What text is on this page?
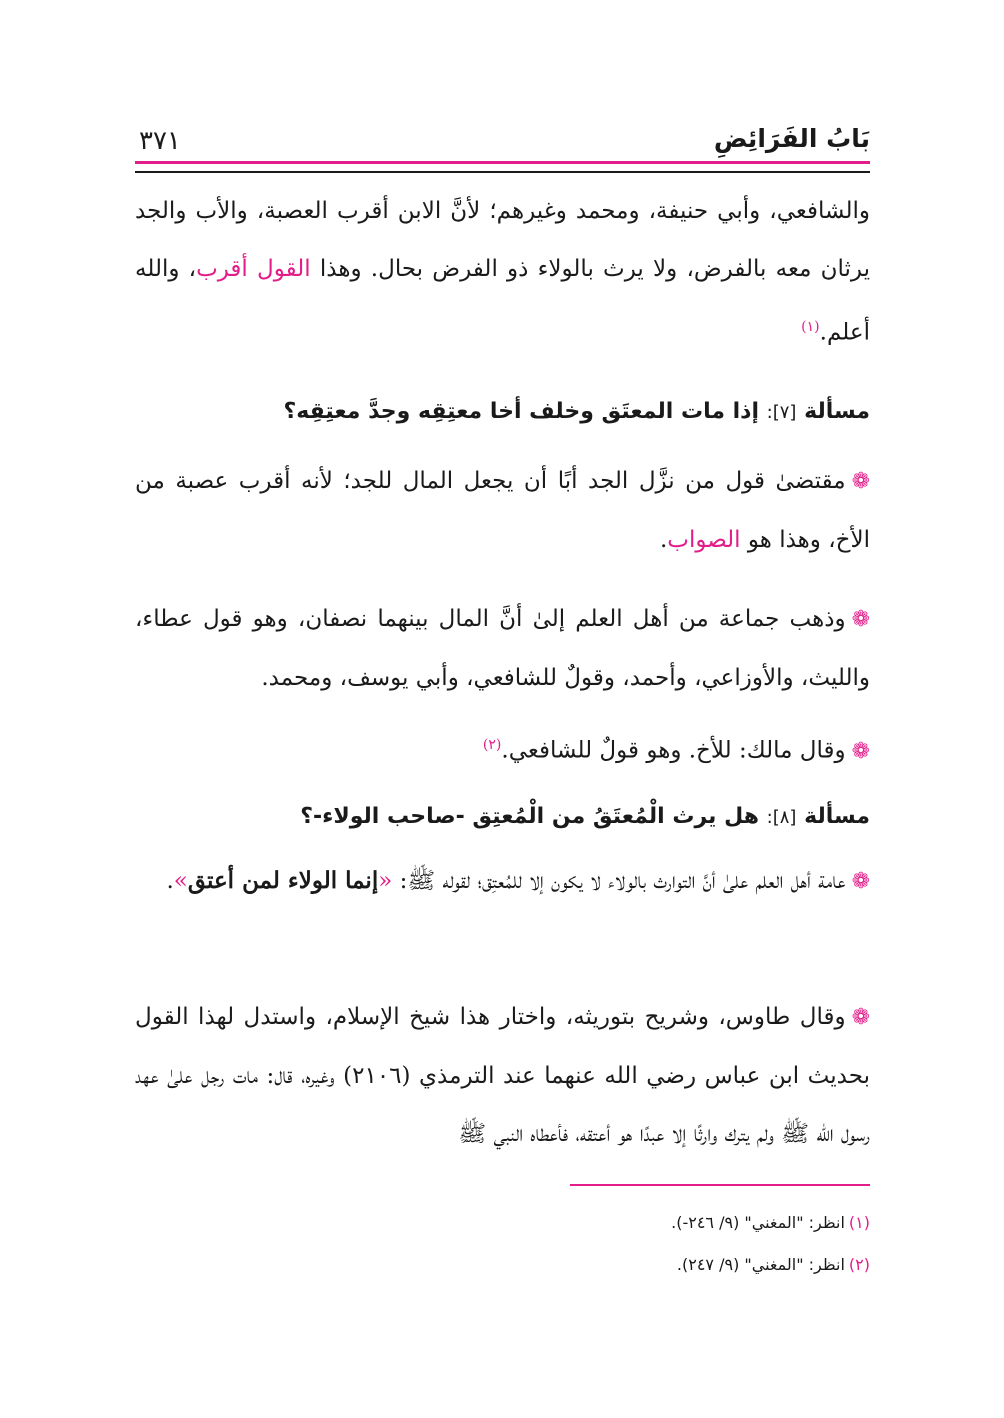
بَابُ الفَرَائِضِ
٣٧١
والشافعي، وأبي حنيفة، ومحمد وغيرهم؛ لأنَّ الابن أقرب العصبة، والأب والجد يرثان معه بالفرض، ولا يرث بالولاء ذو الفرض بحال. وهذا القول أقرب، والله أعلم.$^{(١)}$
مسألة [٧]: إذا مات المعتَق وخلف أخا معتِقِه وجدَّ معتِقِه؟
❁مقتضىٰ قول من نزَّل الجد أبًا أن يجعل المال للجد؛ لأنه أقرب عصبة من الأخ، وهذا هو الصواب.
❁وذهب جماعة من أهل العلم إلىٰ أنَّ المال بينهما نصفان، وهو قول عطاء، والليث، والأوزاعي، وأحمد، وقولٌ للشافعي، وأبي يوسف، ومحمد.
❁وقال مالك: للأخ. وهو قولٌ للشافعي.$^{(٢)}$
مسألة [٨]: هل يرث الْمُعتَقُ من الْمُعتِق -صاحب الولاء-؟
❁عامة أهل العلم علىٰ أنَّ التوارث بالولاء لا يكون إلا للمُعتِق؛ لقوله ﷺ: «إنما الولاء لمن أعتق».
❁وقال طاوس، وشريح بتوريثه، واختار هذا شيخ الإسلام، واستدل لهذا القول بحديث ابن عباس رضي الله عنهما عند الترمذي (٢١٠٦) وغيره، قال: مات رجل علىٰ عهد رسول الله ﷺ ولم يترك وارثًا إلا عبدًا هو أعتقه، فأعطاه النبي ﷺ
(١)انظر: "المغني" (٩/ ٢٤٦-).
(٢)انظر: "المغني" (٩/ ٢٤٧).
